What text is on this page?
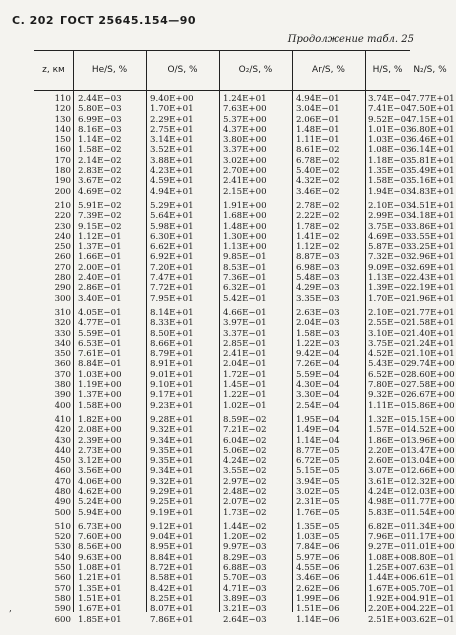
С. 202 ГОСТ 25645.154—90
Продолжение табл. 25
z, км	He/S, %	O/S, %	O₂/S, %	Ar/S, %	H/S, %	N₂/S, %
110 2.44E−03	9.40E+00	1.24E+01	4.94E−01	3.74E−04 7.77E+01
120 5.80E−03	1.70E+01	7.63E+00	3.04E−01	7.41E−04 7.50E+01
130 6.99E−03	2.29E+01	5.37E+00	2.06E−01	9.52E−04 7.15E+01
140 8.16E−03	2.75E+01	4.37E+00	1.48E−01	1.01E−03 6.80E+01
150 1.14E−02	3.14E+01	3.80E+00	1.11E−01	1.03E−03 6.46E+01
160 1.58E−02	3.52E+01	3.37E+00	8.61E−02	1.08E−03 6.14E+01
170 2.14E−02	3.88E+01	3.02E+00	6.78E−02	1.18E−03 5.81E+01
180 2.83E−02	4.23E+01	2.70E+00	5.40E−02	1.35E−03 5.49E+01
190 3.67E−02	4.59E+01	2.41E+00	4.32E−02	1.58E−03 5.16E+01
200 4.69E−02	4.94E+01	2.15E+00	3.46E−02	1.94E−03 4.83E+01
210 5.91E−02	5.29E+01	1.91E+00	2.78E−02	2.10E−03 4.51E+01
220 7.39E−02	5.64E+01	1.68E+00	2.22E−02	2.99E−03 4.18E+01
230 9.15E−02	5.98E+01	1.48E+00	1.78E−02	3.75E−03 3.86E+01
240 1.12E−01	6.30E+01	1.30E+00	1.41E−02	4.69E−03 3.55E+01
250 1.37E−01	6.62E+01	1.13E+00	1.12E−02	5.87E−03 3.25E+01
260 1.66E−01	6.92E+01	9.85E−01	8.87E−03	7.32E−03 2.96E+01
270 2.00E−01	7.20E+01	8.53E−01	6.98E−03	9.09E−03 2.69E+01
280 2.40E−01	7.47E+01	7.36E−01	5.48E−03	1.13E−02 2.43E+01
290 2.86E−01	7.72E+01	6.32E−01	4.29E−03	1.39E−02 2.19E+01
300 3.40E−01	7.95E+01	5.42E−01	3.35E−03	1.70E−02 1.96E+01
310 4.05E−01	8.14E+01	4.66E−01	2.63E−03	2.10E−02 1.77E+01
320 4.77E−01	8.33E+01	3.97E−01	2.04E−03	2.55E−02 1.58E+01
330 5.59E−01	8.50E+01	3.37E−01	1.58E−03	3.10E−02 1.40E+01
340 6.53E−01	8.66E+01	2.85E−01	1.22E−03	3.75E−02 1.24E+01
350 7.61E−01	8.79E+01	2.41E−01	9.42E−04	4.52E−02 1.10E+01
360 8.84E−01	8.91E+01	2.04E−01	7.26E−04	5.43E−02 9.74E+00
370 1.03E+00	9.01E+01	1.72E−01	5.59E−04	6.52E−02 8.60E+00
380 1.19E+00	9.10E+01	1.45E−01	4.30E−04	7.80E−02 7.58E+00
390 1.37E+00	9.17E+01	1.22E−01	3.30E−04	9.32E−02 6.67E+00
400 1.58E+00	9.23E+01	1.02E−01	2.54E−04	1.11E−01 5.86E+00
410 1.82E+00	9.28E+01	8.59E−02	1.95E−04	1.32E−01 5.15E+00
420 2.08E+00	9.32E+01	7.21E−02	1.49E−04	1.57E−01 4.52E+00
430 2.39E+00	9.34E+01	6.04E−02	1.14E−04	1.86E−01 3.96E+00
440 2.73E+00	9.35E+01	5.06E−02	8.77E−05	2.20E−01 3.47E+00
450 3.12E+00	9.35E+01	4.24E−02	6.72E−05	2.60E−01 3.04E+00
460 3.56E+00	9.34E+01	3.55E−02	5.15E−05	3.07E−01 2.66E+00
470 4.06E+00	9.32E+01	2.97E−02	3.94E−05	3.61E−01 2.32E+00
480 4.62E+00	9.29E+01	2.48E−02	3.02E−05	4.24E−01 2.03E+00
490 5.24E+00	9.25E+01	2.07E−02	2.31E−05	4.98E−01 1.77E+00
500 5.94E+00	9.19E+01	1.73E−02	1.76E−05	5.83E−01 1.54E+00
510 6.73E+00	9.12E+01	1.44E−02	1.35E−05	6.82E−01 1.34E+00
520 7.60E+00	9.04E+01	1.20E−02	1.03E−05	7.96E−01 1.17E+00
530 8.56E+00	8.95E+01	9.97E−03	7.84E−06	9.27E−01 1.01E+00
540 9.63E+00	8.84E+01	8.29E−03	5.97E−06	1.08E+00 8.80E−01
550 1.08E+01	8.72E+01	6.88E−03	4.55E−06	1.25E+00 7.63E−01
560 1.21E+01	8.58E+01	5.70E−03	3.46E−06	1.44E+00 6.61E−01
570 1.35E+01	8.42E+01	4.71E−03	2.62E−06	1.67E+00 5.70E−01
580 1.51E+01	8.25E+01	3.89E−03	1.99E−06	1.92E+00 4.91E−01
590 1.67E+01	8.07E+01	3.21E−03	1.51E−06	2.20E+00 4.22E−01
600 1.85E+01	7.86E+01	2.64E−03	1.14E−06	2.51E+00 3.62E−01
‚
